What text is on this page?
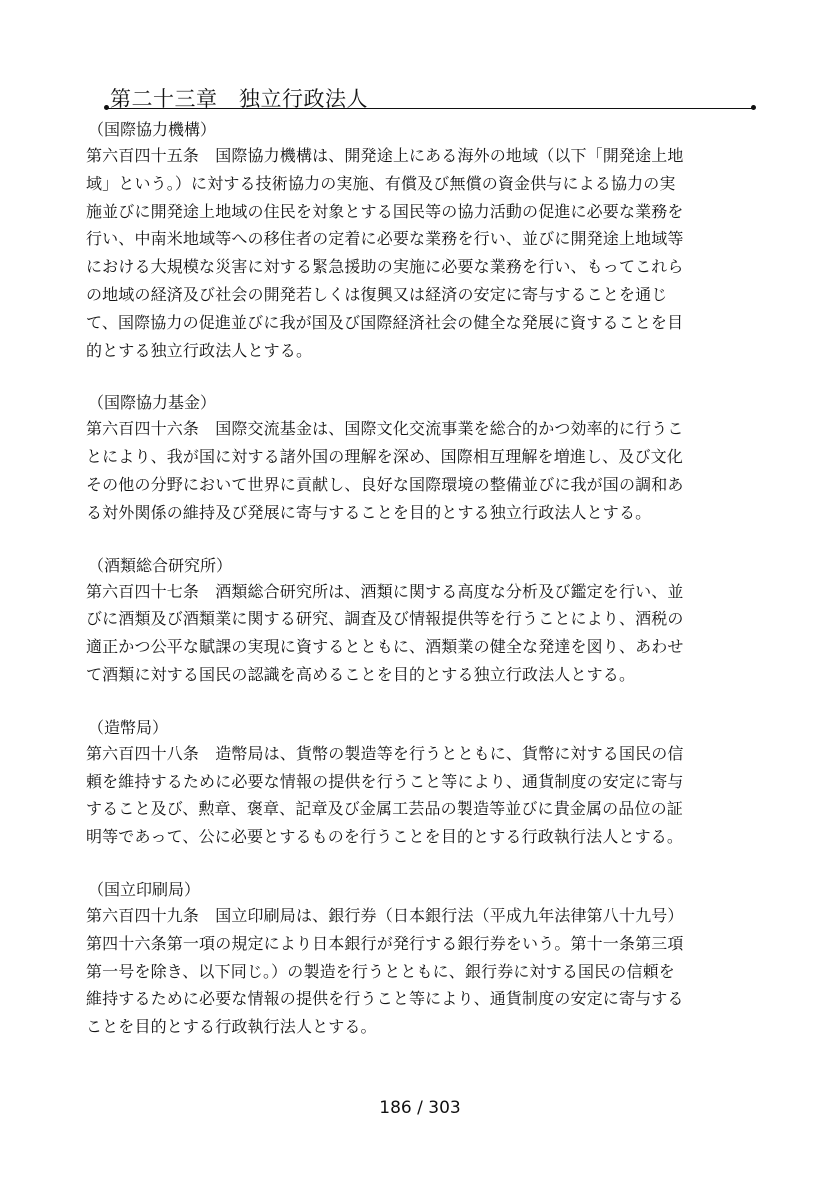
第二十三章　独立行政法人
（国際協力機構）

第六百四十五条　国際協力機構は、開発途上にある海外の地域（以下「開発途上地

域」という。）に対する技術協力の実施、有償及び無償の資金供与による協力の実

施並びに開発途上地域の住民を対象とする国民等の協力活動の促進に必要な業務を

行い、中南米地域等への移住者の定着に必要な業務を行い、並びに開発途上地域等

における大規模な災害に対する緊急援助の実施に必要な業務を行い、もってこれら

の地域の経済及び社会の開発若しくは復興又は経済の安定に寄与することを通じ

て、国際協力の促進並びに我が国及び国際経済社会の健全な発展に資することを目

的とする独立行政法人とする。

（国際協力基金）

第六百四十六条　国際交流基金は、国際文化交流事業を総合的かつ効率的に行うこ

とにより、我が国に対する諸外国の理解を深め、国際相互理解を増進し、及び文化

その他の分野において世界に貢献し、良好な国際環境の整備並びに我が国の調和あ

る対外関係の維持及び発展に寄与することを目的とする独立行政法人とする。

（酒類総合研究所）

第六百四十七条　酒類総合研究所は、酒類に関する高度な分析及び鑑定を行い、並

びに酒類及び酒類業に関する研究、調査及び情報提供等を行うことにより、酒税の

適正かつ公平な賦課の実現に資するとともに、酒類業の健全な発達を図り、あわせ

て酒類に対する国民の認識を高めることを目的とする独立行政法人とする。

（造幣局）

第六百四十八条　造幣局は、貨幣の製造等を行うとともに、貨幣に対する国民の信

頼を維持するために必要な情報の提供を行うこと等により、通貨制度の安定に寄与

すること及び、勲章、褒章、記章及び金属工芸品の製造等並びに貴金属の品位の証

明等であって、公に必要とするものを行うことを目的とする行政執行法人とする。

（国立印刷局）

第六百四十九条　国立印刷局は、銀行券（日本銀行法（平成九年法律第八十九号）

第四十六条第一項の規定により日本銀行が発行する銀行券をいう。第十一条第三項

第一号を除き、以下同じ。）の製造を行うとともに、銀行券に対する国民の信頼を

維持するために必要な情報の提供を行うこと等により、通貨制度の安定に寄与する

ことを目的とする行政執行法人とする。

186 / 303
